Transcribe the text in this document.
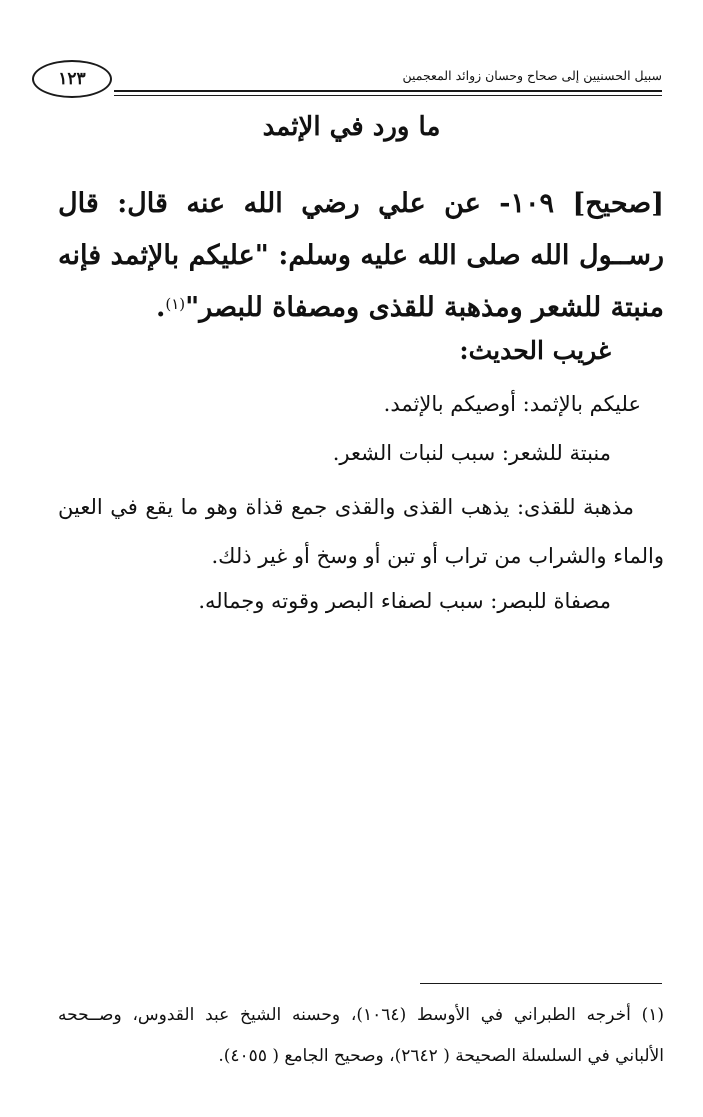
١٢٣	سبيل الحسنيين إلى صحاح وحسان زوائد المعجمين
ما ورد في الإثمد
[صحيح] ١٠٩- عن علي رضي الله عنه قال: قال رســول الله صلى الله عليه وسلم: "عليكم بالإثمد فإنه منبتة للشعر ومذهبة للقذى ومصفاة للبصر"$^{(١)}$.
غريب الحديث:
عليكم بالإثمد: أوصيكم بالإثمد.
منبتة للشعر: سبب لنبات الشعر.
مذهبة للقذى: يذهب القذى والقذى جمع قذاة وهو ما يقع في العين والماء والشراب من تراب أو تبن أو وسخ أو غير ذلك.
مصفاة للبصر: سبب لصفاء البصر وقوته وجماله.
(١) أخرجه الطبراني في الأوسط (١٠٦٤)، وحسنه الشيخ عبد القدوس، وصــححه الألباني في السلسلة الصحيحة ( ٢٦٤٢)، وصحيح الجامع ( ٤٠٥٥).
